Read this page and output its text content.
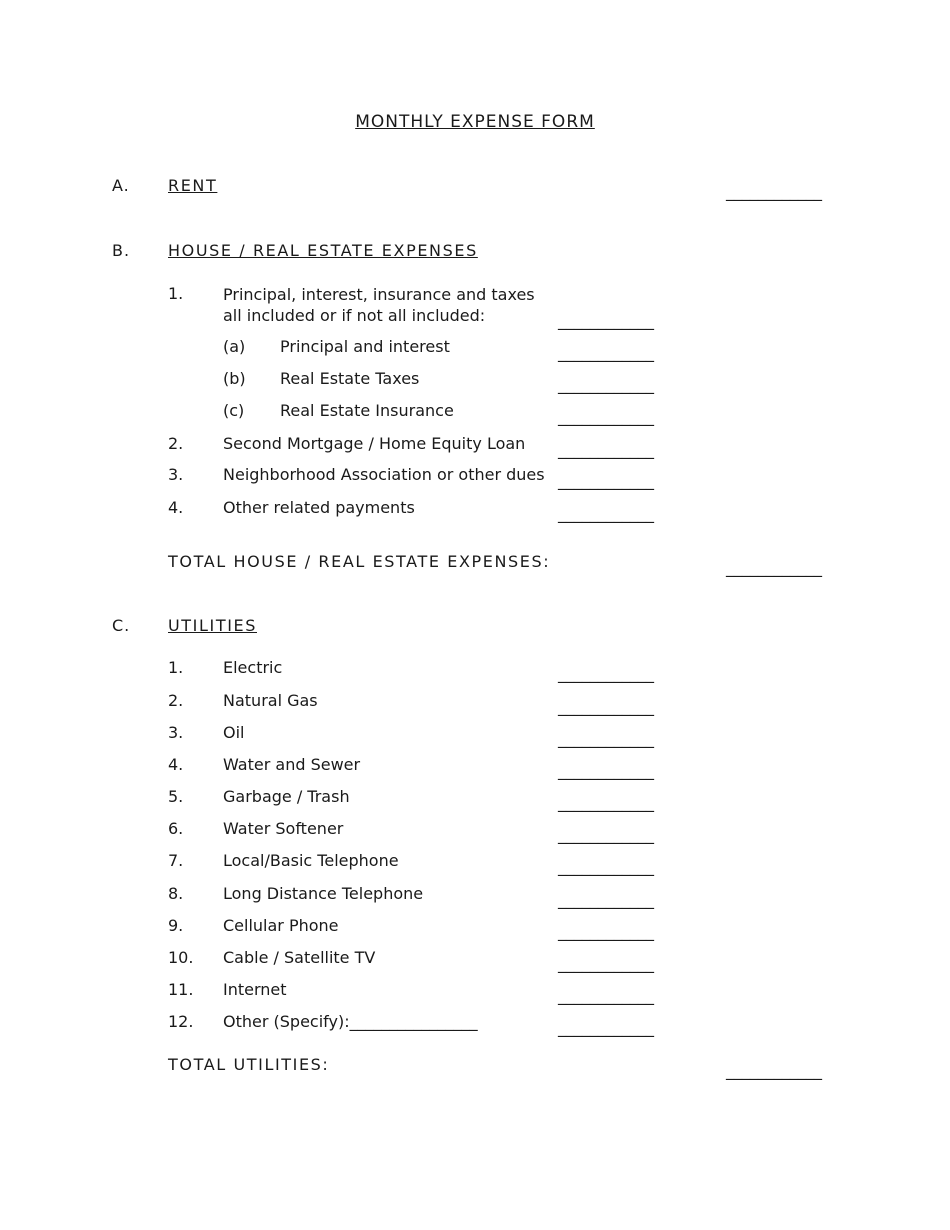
MONTHLY EXPENSE FORM
A. RENT	____________
B. HOUSE / REAL ESTATE EXPENSES
1. Principal, interest, insurance and taxes
all included or if not all included:	____________
(a) Principal and interest	____________
(b) Real Estate Taxes	____________
(c) Real Estate Insurance	____________
2. Second Mortgage / Home Equity Loan ____________
3. Neighborhood Association or other dues ____________
4. Other related payments	____________
TOTAL HOUSE / REAL ESTATE EXPENSES:	____________
C. UTILITIES
1. Electric	____________
2. Natural Gas	____________
3. Oil	____________
4. Water and Sewer	____________
5. Garbage / Trash	____________
6. Water Softener	____________
7. Local/Basic Telephone	____________
8. Long Distance Telephone	____________
9. Cellular Phone	____________
10. Cable / Satellite TV	____________
11. Internet	____________
12. Other (Specify):________________	____________
TOTAL UTILITIES:	____________
